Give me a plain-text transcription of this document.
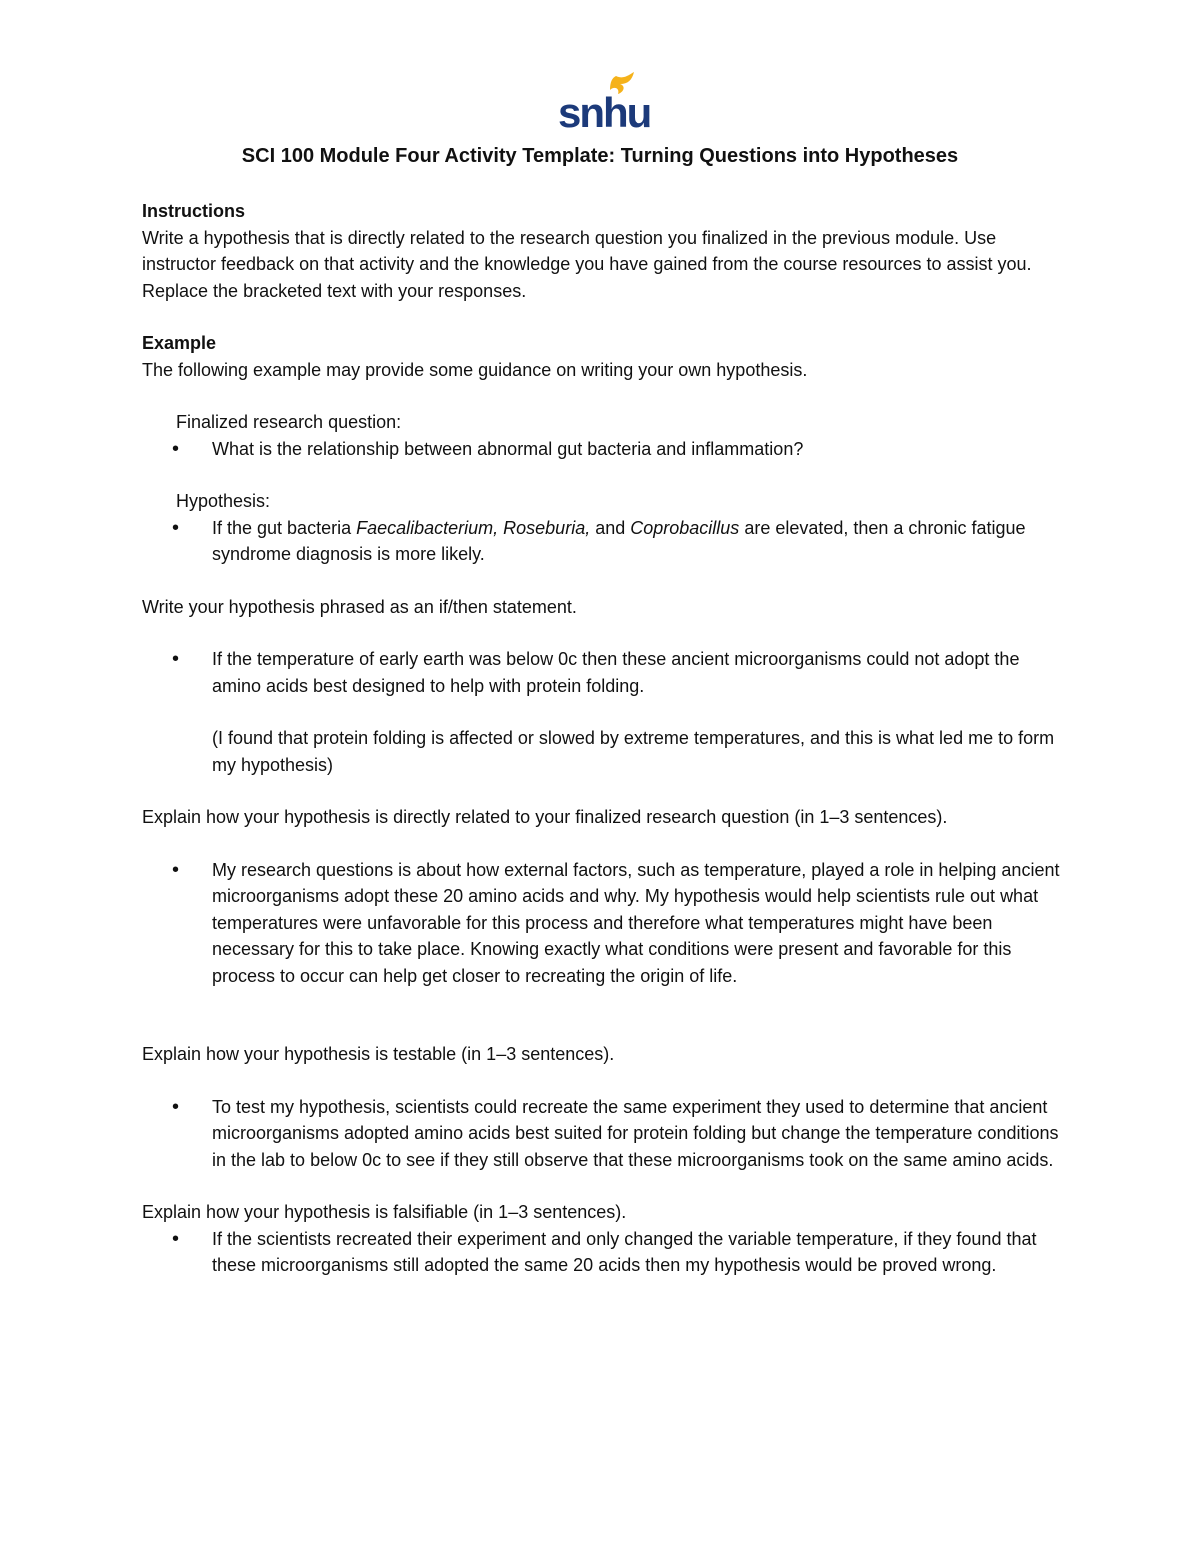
snhu
SCI 100 Module Four Activity Template: Turning Questions into Hypotheses

Instructions

Write a hypothesis that is directly related to the research question you finalized in the previous module. Use instructor feedback on that activity and the knowledge you have gained from the course resources to assist you. Replace the bracketed text with your responses.

Example

The following example may provide some guidance on writing your own hypothesis.

Finalized research question:

• What is the relationship between abnormal gut bacteria and inflammation?

Hypothesis:

• If the gut bacteria Faecalibacterium, Roseburia, and Coprobacillus are elevated, then a chronic fatigue syndrome diagnosis is more likely.

Write your hypothesis phrased as an if/then statement.

• If the temperature of early earth was below 0c then these ancient microorganisms could not adopt the amino acids best designed to help with protein folding.

(I found that protein folding is affected or slowed by extreme temperatures, and this is what led me to form my hypothesis)

Explain how your hypothesis is directly related to your finalized research question (in 1–3 sentences).

• My research questions is about how external factors, such as temperature, played a role in helping ancient microorganisms adopt these 20 amino acids and why. My hypothesis would help scientists rule out what temperatures were unfavorable for this process and therefore what temperatures might have been necessary for this to take place. Knowing exactly what conditions were present and favorable for this process to occur can help get closer to recreating the origin of life.

Explain how your hypothesis is testable (in 1–3 sentences).

• To test my hypothesis, scientists could recreate the same experiment they used to determine that ancient microorganisms adopted amino acids best suited for protein folding but change the temperature conditions in the lab to below 0c to see if they still observe that these microorganisms took on the same amino acids.

Explain how your hypothesis is falsifiable (in 1–3 sentences).

• If the scientists recreated their experiment and only changed the variable temperature, if they found that these microorganisms still adopted the same 20 acids then my hypothesis would be proved wrong.
